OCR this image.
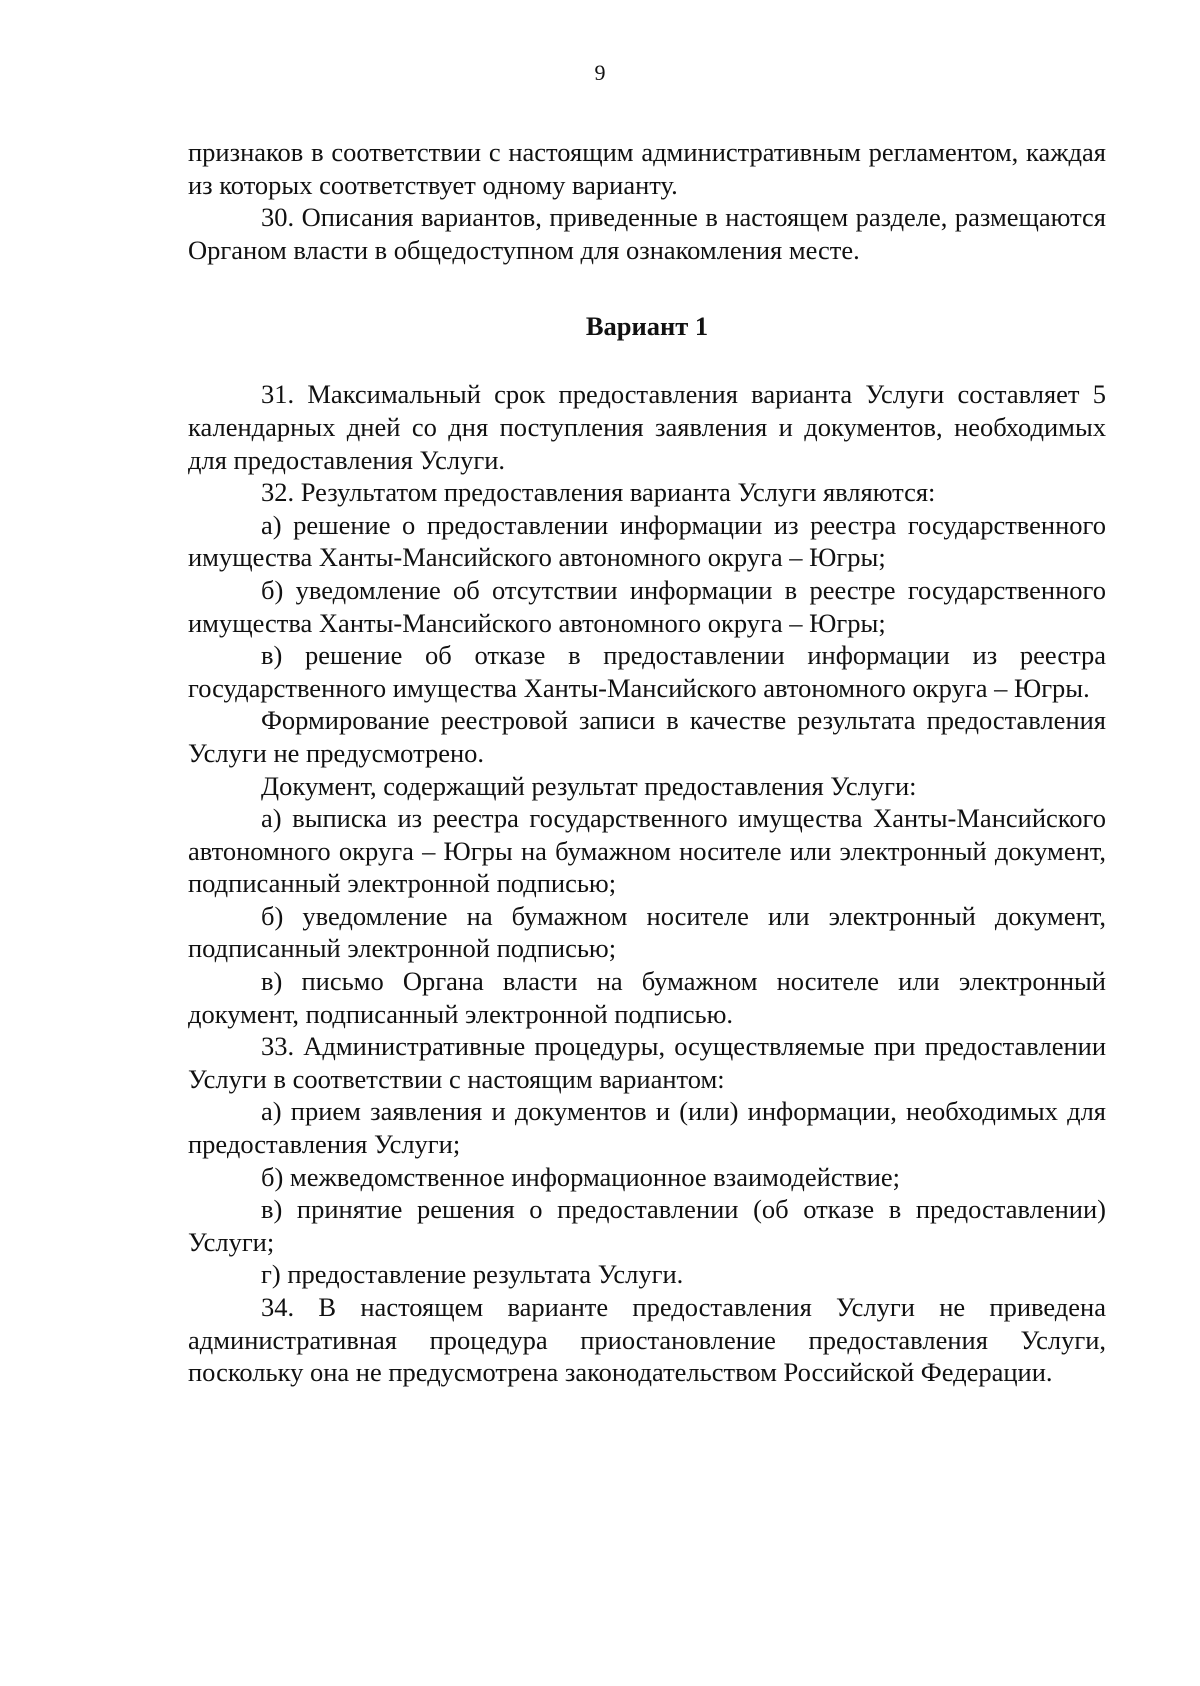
9

признаков в соответствии с настоящим административным регламентом, каждая из которых соответствует одному варианту.

30. Описания вариантов, приведенные в настоящем разделе, размещаются Органом власти в общедоступном для ознакомления месте.

Вариант 1

31. Максимальный срок предоставления варианта Услуги составляет 5 календарных дней со дня поступления заявления и документов, необходимых для предоставления Услуги.

32. Результатом предоставления варианта Услуги являются:

а) решение о предоставлении информации из реестра государственного имущества Ханты-Мансийского автономного округа – Югры;

б) уведомление об отсутствии информации в реестре государственного имущества Ханты-Мансийского автономного округа – Югры;

в) решение об отказе в предоставлении информации из реестра государственного имущества Ханты-Мансийского автономного округа – Югры.

Формирование реестровой записи в качестве результата предоставления Услуги не предусмотрено.

Документ, содержащий результат предоставления Услуги:

а) выписка из реестра государственного имущества Ханты-Мансийского автономного округа – Югры на бумажном носителе или электронный документ, подписанный электронной подписью;

б) уведомление на бумажном носителе или электронный документ, подписанный электронной подписью;

в) письмо Органа власти на бумажном носителе или электронный документ, подписанный электронной подписью.

33. Административные процедуры, осуществляемые при предоставлении Услуги в соответствии с настоящим вариантом:

а) прием заявления и документов и (или) информации, необходимых для предоставления Услуги;

б) межведомственное информационное взаимодействие;

в) принятие решения о предоставлении (об отказе в предоставлении) Услуги;

г) предоставление результата Услуги.

34. В настоящем варианте предоставления Услуги не приведена административная процедура приостановление предоставления Услуги, поскольку она не предусмотрена законодательством Российской Федерации.
